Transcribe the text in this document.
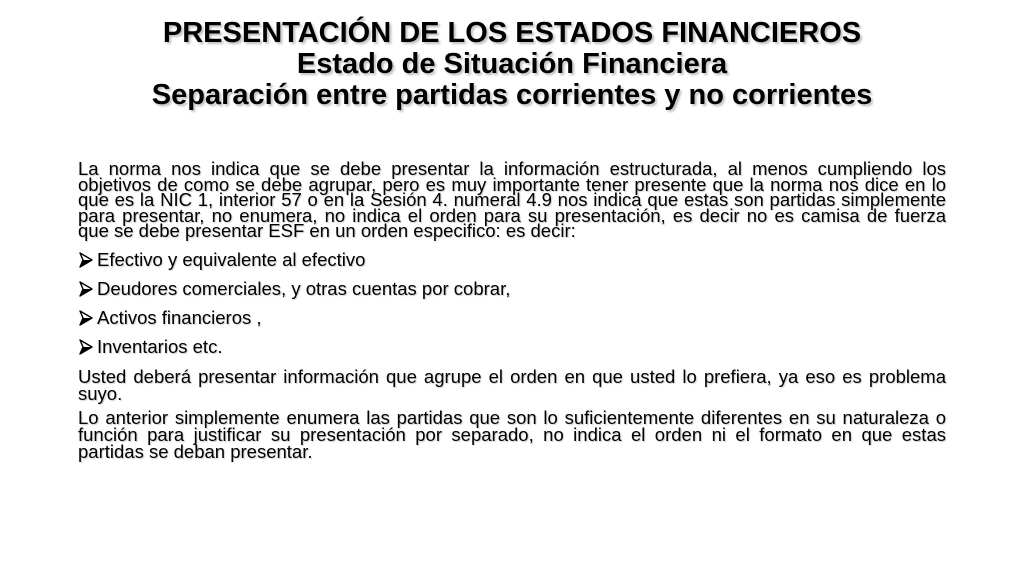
PRESENTACIÓN DE LOS ESTADOS FINANCIEROS
Estado de Situación Financiera
Separación entre partidas corrientes y no corrientes

La norma nos indica que se debe presentar la información estructurada, al menos cumpliendo los objetivos de como se debe agrupar, pero es muy importante tener presente que la norma nos dice en lo que es la NIC 1, interior 57 o en la Sesión 4. numeral 4.9 nos indica que estas son partidas simplemente para presentar, no enumera, no indica el orden para su presentación, es decir no es camisa de fuerza que se debe presentar ESF en un orden especifico: es decir:

Efectivo y equivalente al efectivo
Deudores comerciales, y otras cuentas por cobrar,
Activos financieros ,
Inventarios etc.

Usted deberá presentar información que agrupe el orden en que usted lo prefiera, ya eso es problema suyo.

Lo anterior simplemente enumera las partidas que son lo suficientemente diferentes en su naturaleza o función para justificar su presentación por separado, no indica el orden ni el formato en que estas partidas se deban presentar.
